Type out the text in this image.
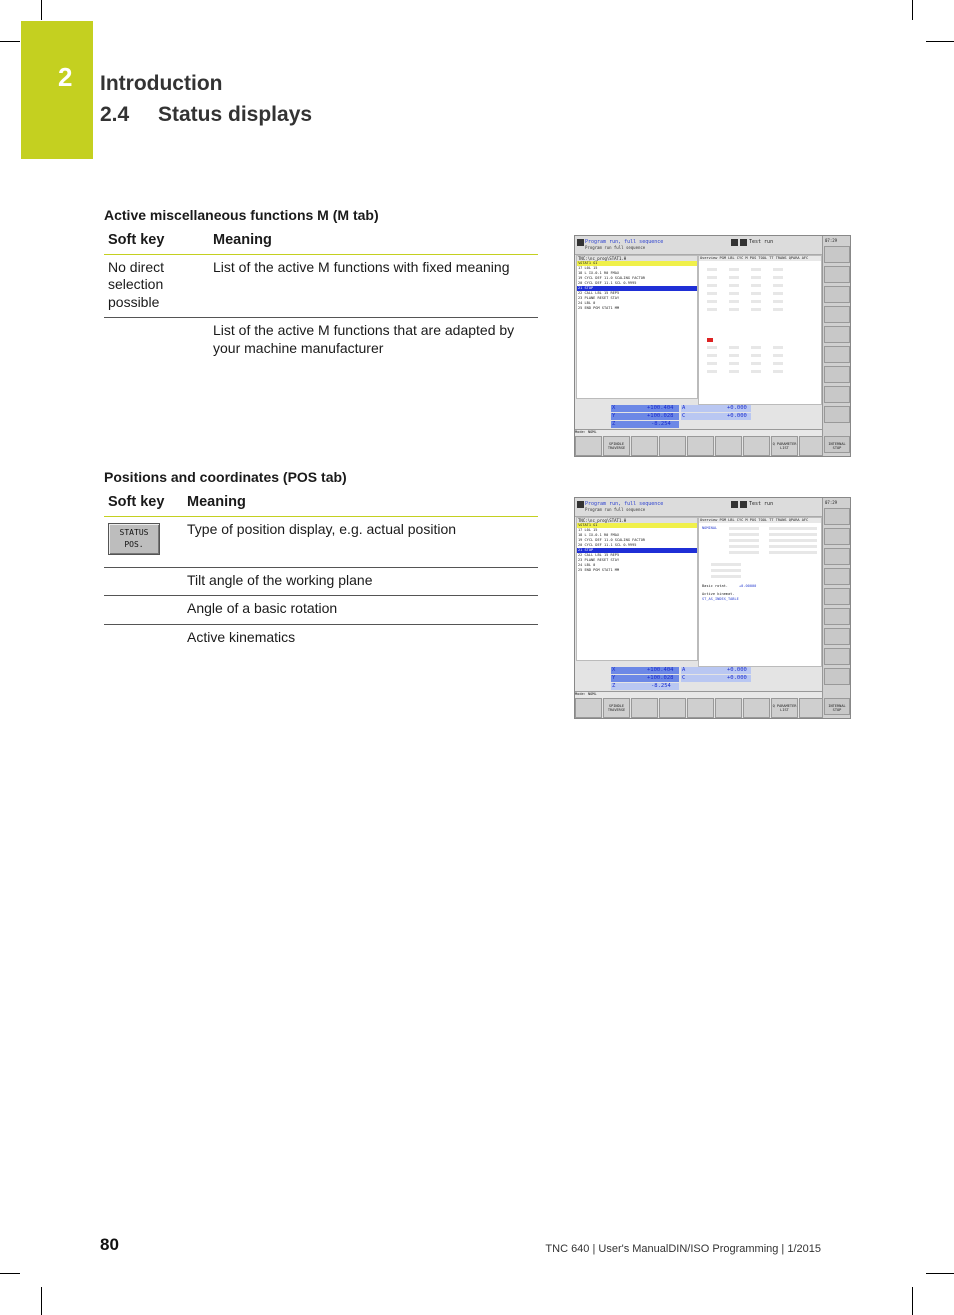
2 Introduction
2.4 Status displays
Active miscellaneous functions M (M tab)
Soft key	Meaning
No direct selection possible	List of the active M functions with fixed meaning
	List of the active M functions that are adapted by your machine manufacturer
Program run, full sequence
Program run full sequence
Test run
TNC:\nc_prog\STAT1.H
%STAT1 G1
17 L0L 15
18 L IX-0.1 R0 FMAX
19 CYCL DEF 11.0 SCALING FACTOR
20 CYCL DEF 11.1 SCL 0.9995
21 STOP
22 CALL LBL 15 REP5
23 PLANE RESET STAY
24 LBL 0
25 END PGM STAT1 MM
Overview PGM LBL CYC M POS TOOL TT TRANS QPARA AFC
X
Y
Z
+100.404
+100.028
-8.254
A
C
+0.000
+0.000
Mode: NOML
SPINDLE TRAVERSE
Q PARAMETER LIST
07:29
INTERNAL STOP
Positions and coordinates (POS tab)
Soft key	Meaning

STATUS
POS.	Type of position display, e.g. actual position
	Tilt angle of the working plane
	Angle of a basic rotation
	Active kinematics
Program run, full sequence
Program run full sequence
Test run
TNC:\nc_prog\STAT1.H
%STAT1 G1
17 L0L 15
18 L IX-0.1 R0 FMAX
19 CYCL DEF 11.0 SCALING FACTOR
20 CYCL DEF 11.1 SCL 0.9995
21 STOP
22 CALL LBL 15 REP5
23 PLANE RESET STAY
24 LBL 0
25 END PGM STAT1 MM
Overview PGM LBL CYC M POS TOOL TT TRANS QPARA AFC
NOMINAL
Basic rotat.	+0.00000
Active kinemat.
ST_AS_INDEX_TABLE
X
Y
Z
+100.404
+100.028
-8.254
A
C
+0.000
+0.000
Mode: NOML
SPINDLE TRAVERSE
Q PARAMETER LIST
07:29
INTERNAL STOP
80	TNC 640 | User's ManualDIN/ISO Programming | 1/2015
